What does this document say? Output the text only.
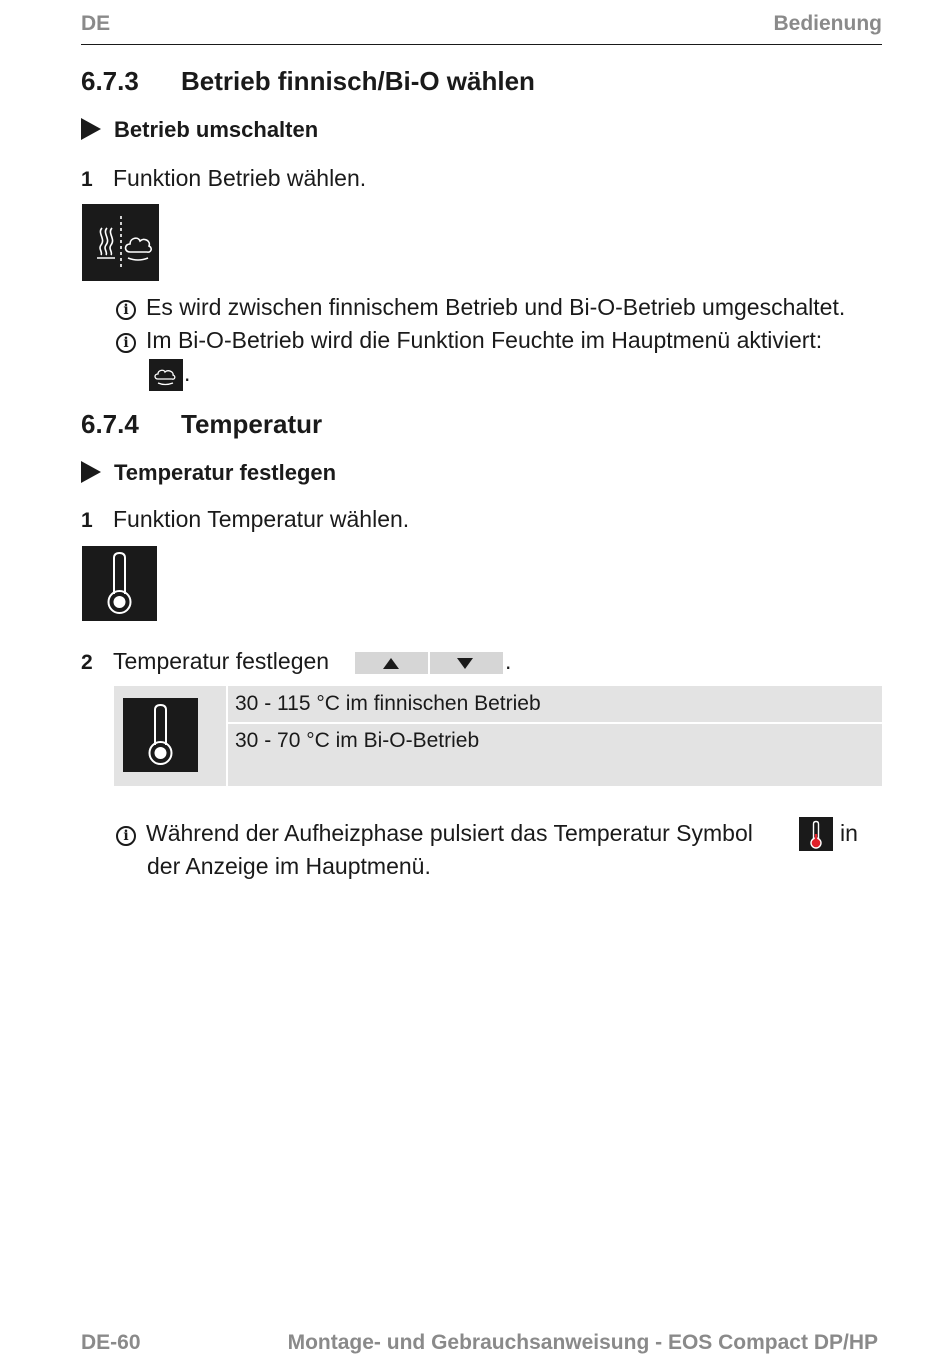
DE	Bedienung
6.7.3 Betrieb finnisch/Bi-O wählen
Betrieb umschalten
1 Funktion Betrieb wählen.
i Es wird zwischen finnischem Betrieb und Bi-O-Betrieb umgeschaltet.
i Im Bi-O-Betrieb wird die Funktion Feuchte im Hauptmenü aktiviert:
.
6.7.4 Temperatur
Temperatur festlegen
1 Funktion Temperatur wählen.
2 Temperatur festlegen	.
30 - 115 °C im finnischen Betrieb
30 - 70 °C im Bi-O-Betrieb
i Während der Aufheizphase pulsiert das Temperatur Symbol	in
der Anzeige im Hauptmenü.
DE-60	Montage- und Gebrauchsanweisung - EOS Compact DP/HP
